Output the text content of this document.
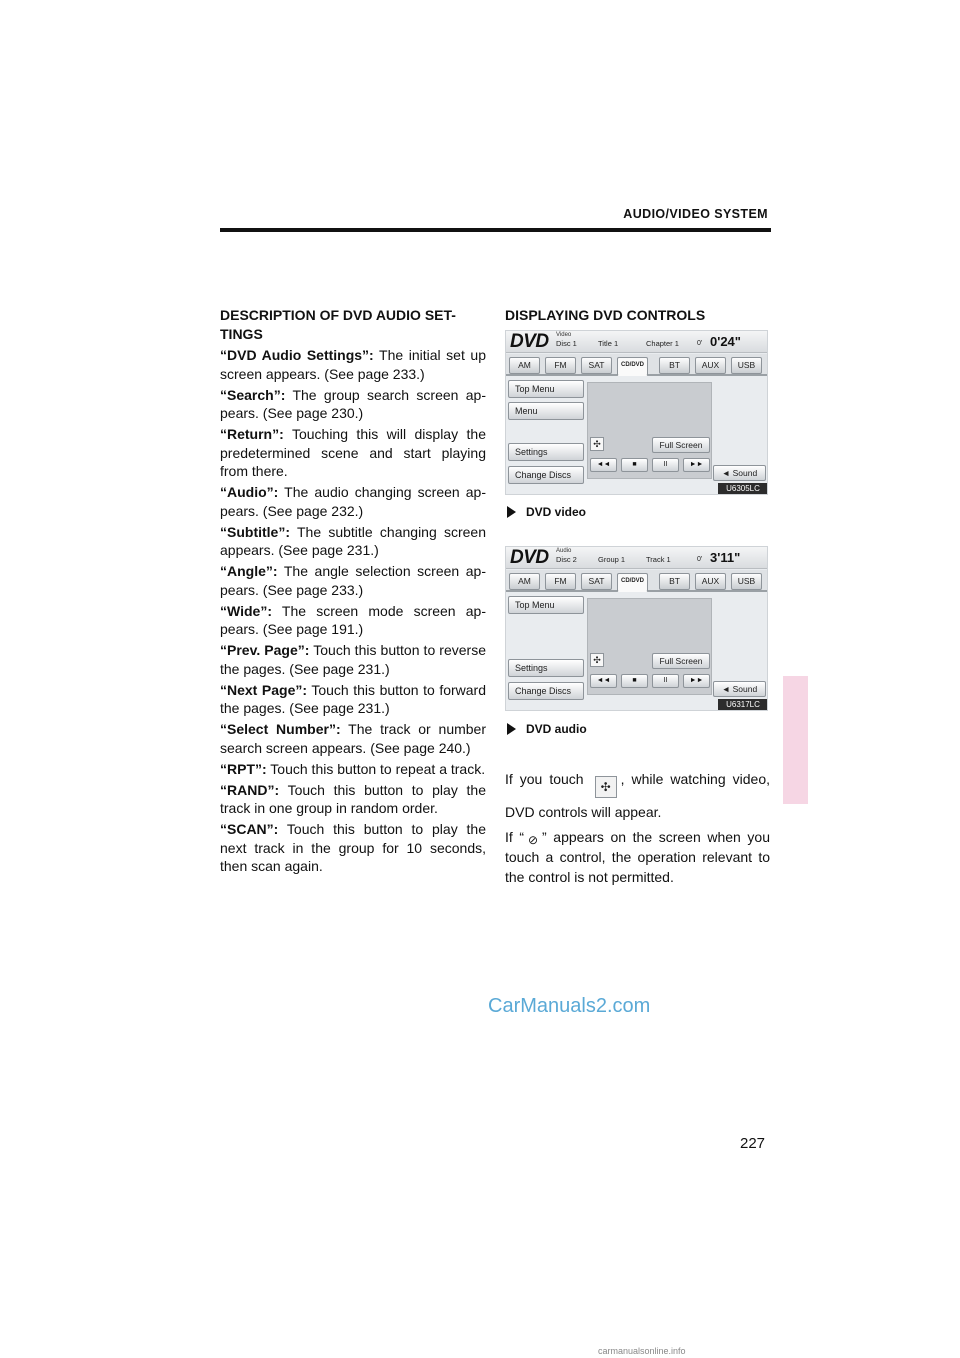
AUDIO/VIDEO SYSTEM
DESCRIPTION OF DVD AUDIO SET- TINGS

“DVD Audio Settings”: The initial set up screen appears. (See page 233.)

“Search”: The group search screen ap- pears. (See page 230.)

“Return”: Touching this will display the predetermined scene and start playing from there.

“Audio”: The audio changing screen ap- pears. (See page 232.)

“Subtitle”: The subtitle changing screen appears. (See page 231.)

“Angle”: The angle selection screen ap- pears. (See page 233.)

“Wide”: The screen mode screen ap- pears. (See page 191.)

“Prev. Page”: Touch this button to reverse the pages. (See page 231.)

“Next Page”: Touch this button to forward the pages. (See page 231.)

“Select Number”: The track or number search screen appears. (See page 240.)

“RPT”: Touch this button to repeat a track.

“RAND”: Touch this button to play the track in one group in random order.

“SCAN”: Touch this button to play the next track in the group for 10 seconds, then scan again.

DISPLAYING DVD CONTROLS
DVD Video
Disc 1	Title 1	Chapter 1	0' 0'24"
AM	FM	SAT	CD/DVD	BT	AUX	USB
Top Menu
Menu
✣	Full Screen
Settings
Change Discs
◄◄	■	II	►►
◄ Sound
U6305LC
DVD video
DVD Audio
Disc 2	Group 1	Track 1	0' 3'11"
AM	FM	SAT	CD/DVD	BT	AUX	USB
Top Menu
✣	Full Screen
Settings
Change Discs
◄◄	■	II	►►
◄ Sound
U6317LC
DVD audio

If you touch ✣ , while watching video, DVD controls will appear.

If “ ⊘ ” appears on the screen when you touch a control, the operation relevant to the control is not permitted.

CarManuals2.com
227
carmanualsonline.info
